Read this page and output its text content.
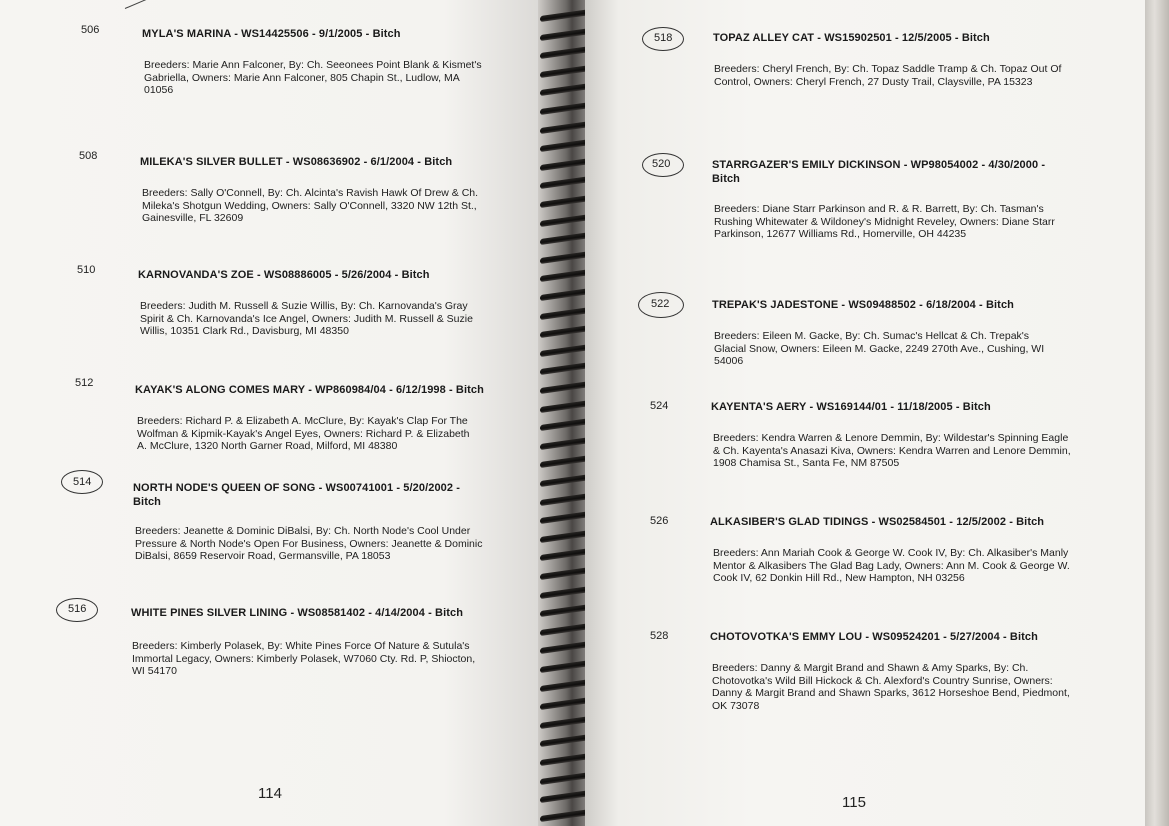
506	MYLA'S MARINA - WS14425506 - 9/1/2005 - Bitch
Breeders: Marie Ann Falconer, By: Ch. Seeonees Point Blank & Kismet's Gabriella, Owners: Marie Ann Falconer, 805 Chapin St., Ludlow, MA 01056
508	MILEKA'S SILVER BULLET - WS08636902 - 6/1/2004 - Bitch
Breeders: Sally O'Connell, By: Ch. Alcinta's Ravish Hawk Of Drew & Ch. Mileka's Shotgun Wedding, Owners: Sally O'Connell, 3320 NW 12th St., Gainesville, FL 32609
510	KARNOVANDA'S ZOE - WS08886005 - 5/26/2004 - Bitch
Breeders: Judith M. Russell & Suzie Willis, By: Ch. Karnovanda's Gray Spirit & Ch. Karnovanda's Ice Angel, Owners: Judith M. Russell & Suzie Willis, 10351 Clark Rd., Davisburg, MI 48350
512
KAYAK'S ALONG COMES MARY - WP860984/04 - 6/12/1998 - Bitch
Breeders: Richard P. & Elizabeth A. McClure, By: Kayak's Clap For The Wolfman & Kipmik-Kayak's Angel Eyes, Owners: Richard P. & Elizabeth A. McClure, 1320 North Garner Road, Milford, MI 48380
514	NORTH NODE'S QUEEN OF SONG - WS00741001 - 5/20/2002 - Bitch
Breeders: Jeanette & Dominic DiBalsi, By: Ch. North Node's Cool Under Pressure & North Node's Open For Business, Owners: Jeanette & Dominic DiBalsi, 8659 Reservoir Road, Germansville, PA 18053
516	WHITE PINES SILVER LINING - WS08581402 - 4/14/2004 - Bitch
Breeders: Kimberly Polasek, By: White Pines Force Of Nature & Sutula's Immortal Legacy, Owners: Kimberly Polasek, W7060 Cty. Rd. P, Shiocton, WI 54170
114
518	TOPAZ ALLEY CAT - WS15902501 - 12/5/2005 - Bitch
Breeders: Cheryl French, By: Ch. Topaz Saddle Tramp & Ch. Topaz Out Of Control, Owners: Cheryl French, 27 Dusty Trail, Claysville, PA 15323
520	STARRGAZER'S EMILY DICKINSON - WP98054002 - 4/30/2000 - Bitch
Breeders: Diane Starr Parkinson and R. & R. Barrett, By: Ch. Tasman's Rushing Whitewater & Wildoney's Midnight Reveley, Owners: Diane Starr Parkinson, 12677 Williams Rd., Homerville, OH 44235
522	TREPAK'S JADESTONE - WS09488502 - 6/18/2004 - Bitch
Breeders: Eileen M. Gacke, By: Ch. Sumac's Hellcat & Ch. Trepak's Glacial Snow, Owners: Eileen M. Gacke, 2249 270th Ave., Cushing, WI 54006
524	KAYENTA'S AERY - WS169144/01 - 11/18/2005 - Bitch
Breeders: Kendra Warren & Lenore Demmin, By: Wildestar's Spinning Eagle & Ch. Kayenta's Anasazi Kiva, Owners: Kendra Warren and Lenore Demmin, 1908 Chamisa St., Santa Fe, NM 87505
526	ALKASIBER'S GLAD TIDINGS - WS02584501 - 12/5/2002 - Bitch
Breeders: Ann Mariah Cook & George W. Cook IV, By: Ch. Alkasiber's Manly Mentor & Alkasibers The Glad Bag Lady, Owners: Ann M. Cook & George W. Cook IV, 62 Donkin Hill Rd., New Hampton, NH 03256
528	CHOTOVOTKA'S EMMY LOU - WS09524201 - 5/27/2004 - Bitch
Breeders: Danny & Margit Brand and Shawn & Amy Sparks, By: Ch. Chotovotka's Wild Bill Hickock & Ch. Alexford's Country Sunrise, Owners: Danny & Margit Brand and Shawn Sparks, 3612 Horseshoe Bend, Piedmont, OK 73078
115
